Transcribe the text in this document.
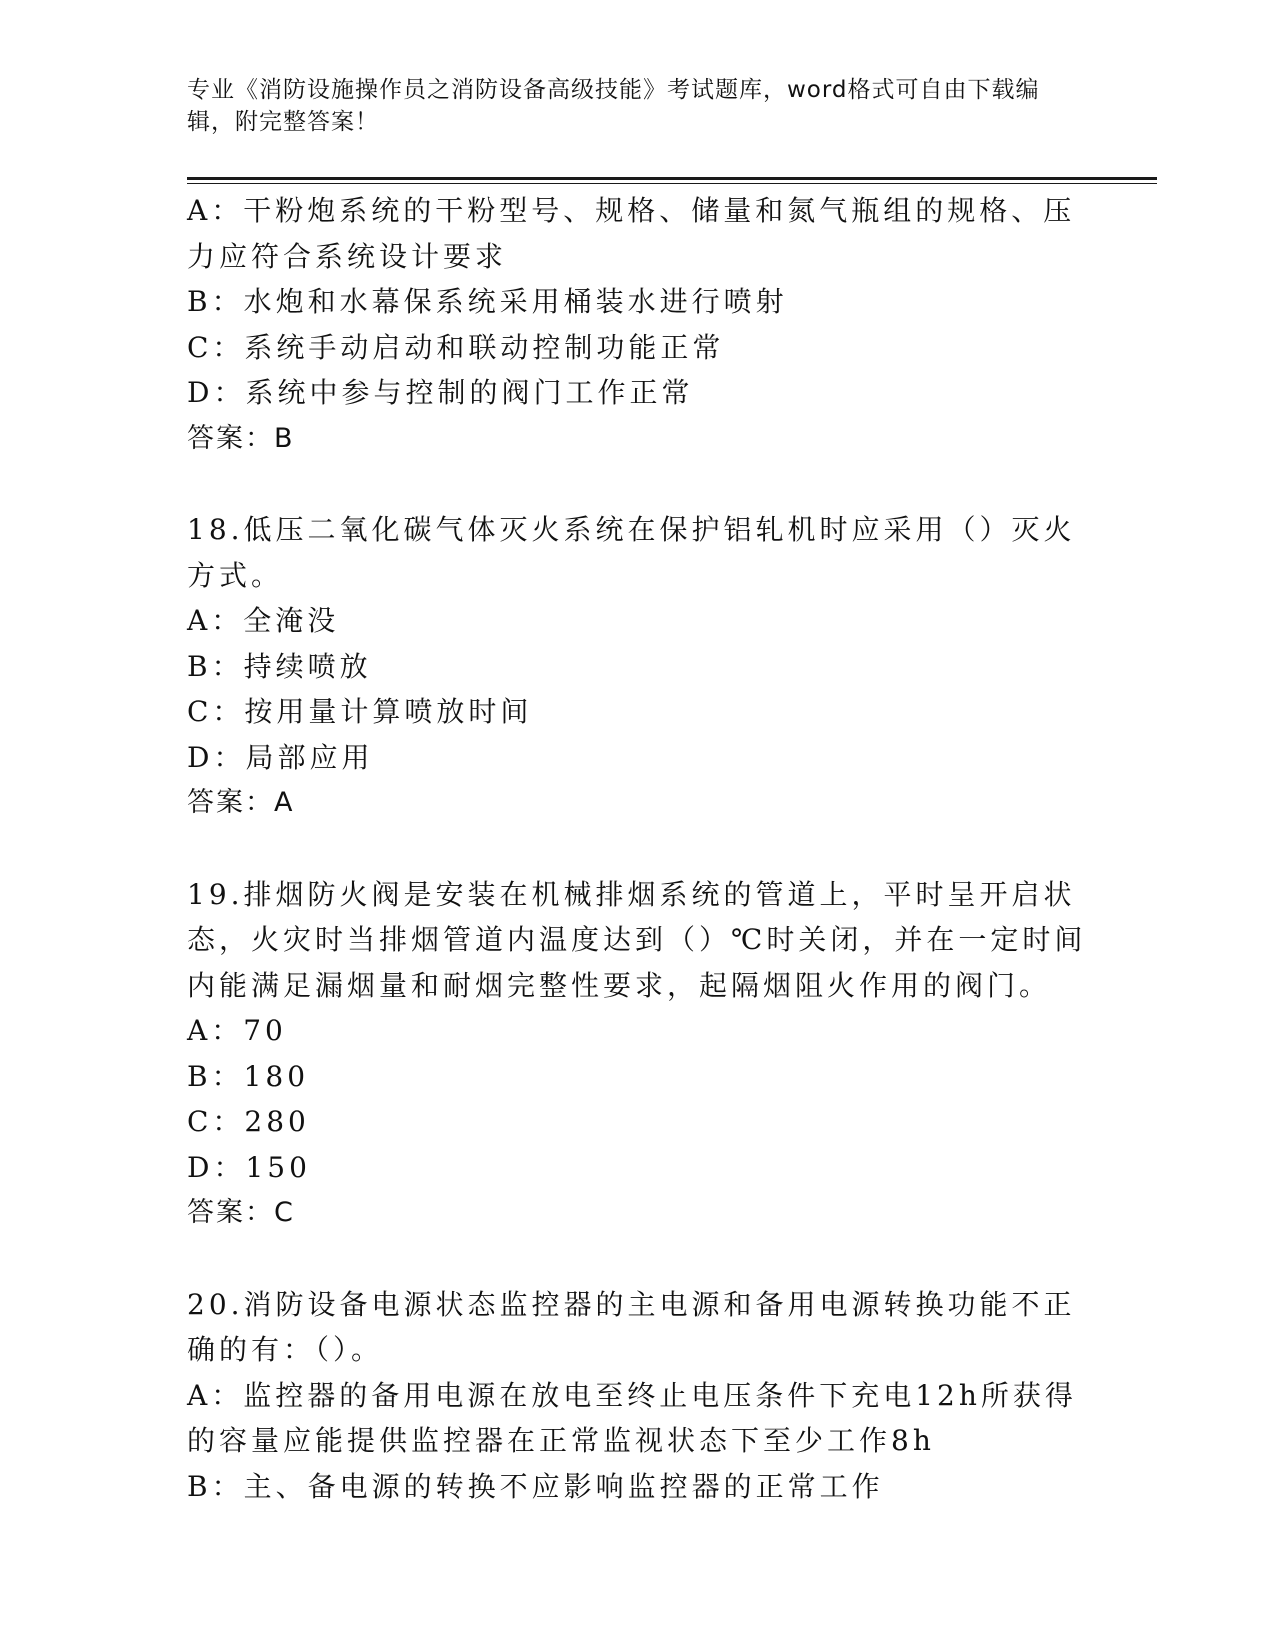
专业《消防设施操作员之消防设备高级技能》考试题库，word格式可自由下载编辑，附完整答案！
A：干粉炮系统的干粉型号、规格、储量和氮气瓶组的规格、压力应符合系统设计要求
B：水炮和水幕保系统采用桶装水进行喷射
C：系统手动启动和联动控制功能正常
D：系统中参与控制的阀门工作正常
答案：B
18.低压二氧化碳气体灭火系统在保护铝轧机时应采用（）灭火方式。
A：全淹没
B：持续喷放
C：按用量计算喷放时间
D：局部应用
答案：A
19.排烟防火阀是安装在机械排烟系统的管道上，平时呈开启状态，火灾时当排烟管道内温度达到（）℃时关闭，并在一定时间内能满足漏烟量和耐烟完整性要求，起隔烟阻火作用的阀门。
A：70
B：180
C：280
D：150
答案：C
20.消防设备电源状态监控器的主电源和备用电源转换功能不正确的有：（）。
A：监控器的备用电源在放电至终止电压条件下充电12h所获得的容量应能提供监控器在正常监视状态下至少工作8h
B：主、备电源的转换不应影响监控器的正常工作
